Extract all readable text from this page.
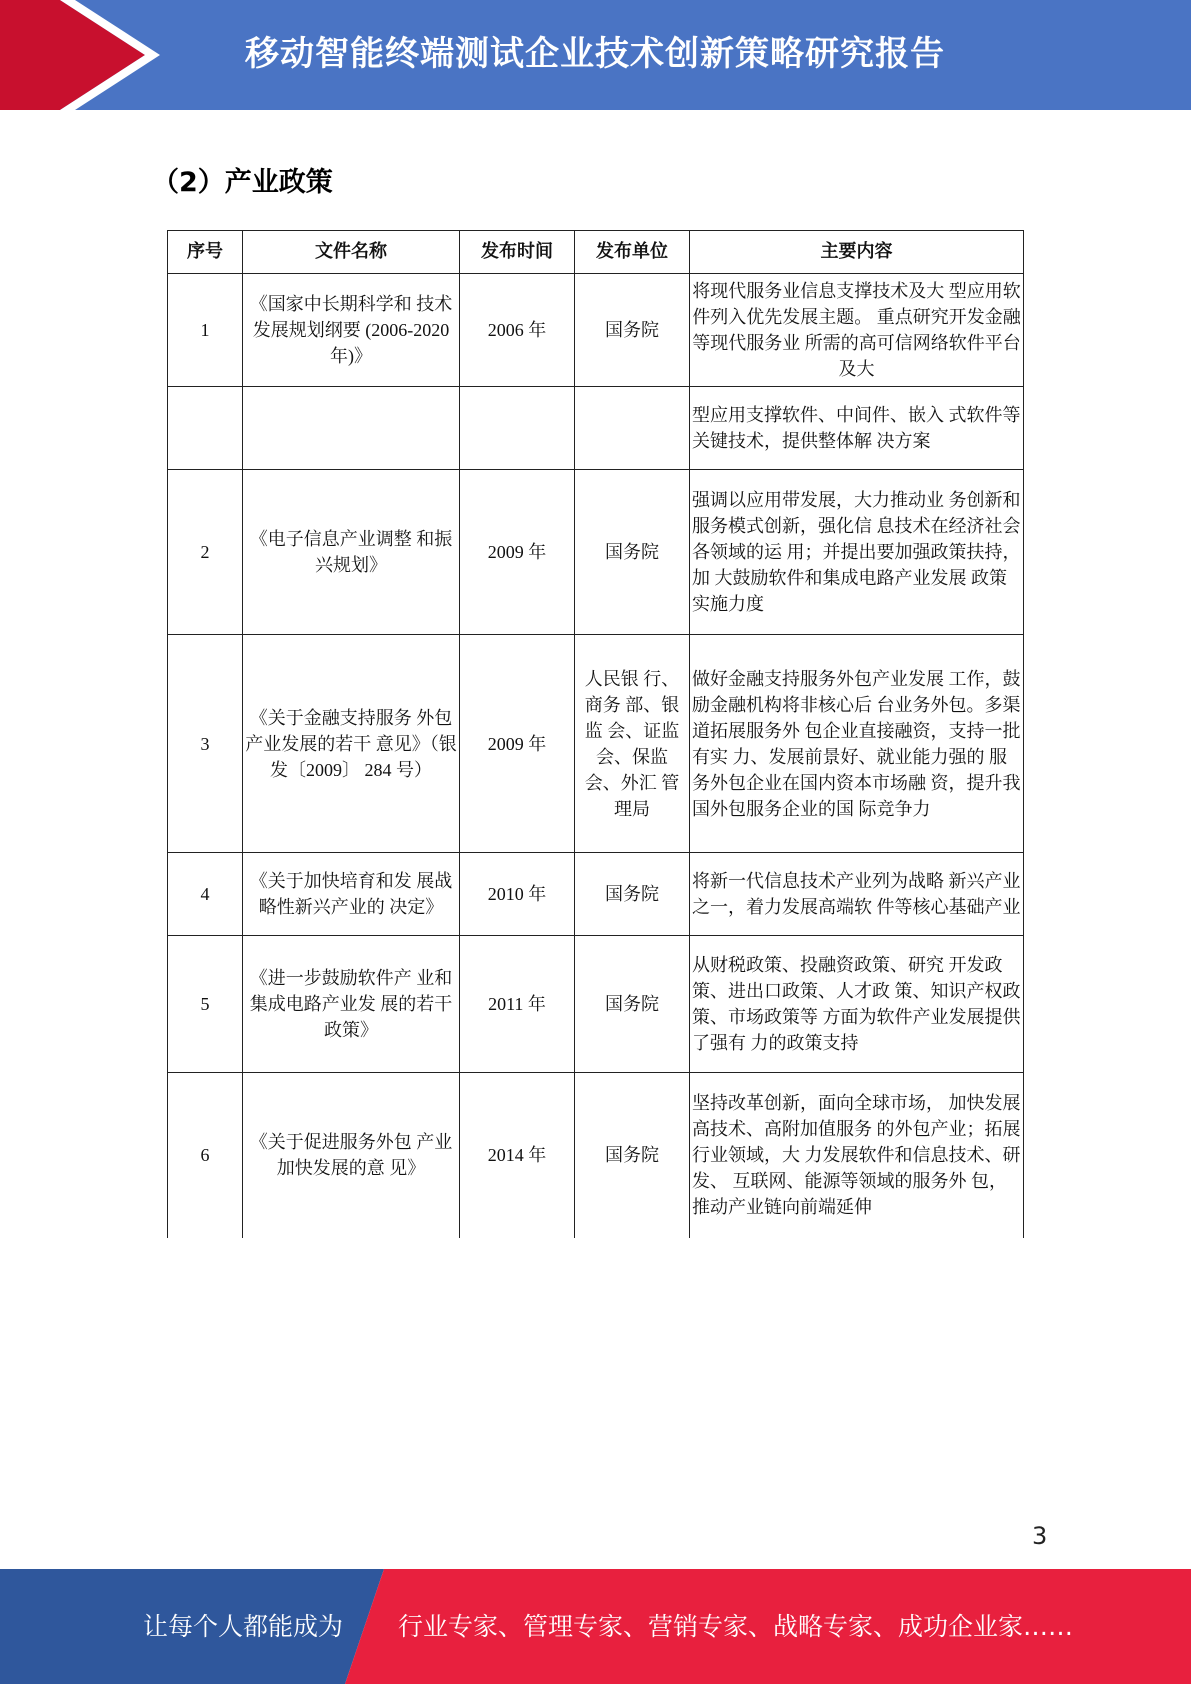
移动智能终端测试企业技术创新策略研究报告
（2）产业政策
序号	文件名称	发布时间	发布单位	主要内容
1	《国家中长期科学和 技术发展规划纲要 (2006-2020 年)》	2006 年	国务院	将现代服务业信息支撑技术及大 型应用软件列入优先发展主题。 重点研究开发金融等现代服务业 所需的高可信网络软件平台及大
				型应用支撑软件、中间件、嵌入 式软件等关键技术，提供整体解 决方案
2	《电子信息产业调整 和振兴规划》	2009 年	国务院	强调以应用带发展，大力推动业 务创新和服务模式创新，强化信 息技术在经济社会各领域的运 用；并提出要加强政策扶持，加 大鼓励软件和集成电路产业发展 政策实施力度
3	《关于金融支持服务 外包产业发展的若干 意见》（银发〔2009〕 284 号）	2009 年	人民银 行、商务 部、银监 会、证监 会、保监 会、外汇 管理局	做好金融支持服务外包产业发展 工作，鼓励金融机构将非核心后 台业务外包。多渠道拓展服务外 包企业直接融资，支持一批有实 力、发展前景好、就业能力强的 服务外包企业在国内资本市场融 资，提升我国外包服务企业的国 际竞争力
4	《关于加快培育和发 展战略性新兴产业的 决定》	2010 年	国务院	将新一代信息技术产业列为战略 新兴产业之一，着力发展高端软 件等核心基础产业
5	《进一步鼓励软件产 业和集成电路产业发 展的若干政策》	2011 年	国务院	从财税政策、投融资政策、研究 开发政策、进出口政策、人才政 策、知识产权政策、市场政策等 方面为软件产业发展提供了强有 力的政策支持
6	《关于促进服务外包 产业加快发展的意 见》	2014 年	国务院	坚持改革创新，面向全球市场， 加快发展高技术、高附加值服务 的外包产业；拓展行业领域，大 力发展软件和信息技术、研发、 互联网、能源等领域的服务外 包，推动产业链向前端延伸
3
让每个人都能成为 行业专家、管理专家、营销专家、战略专家、成功企业家……
